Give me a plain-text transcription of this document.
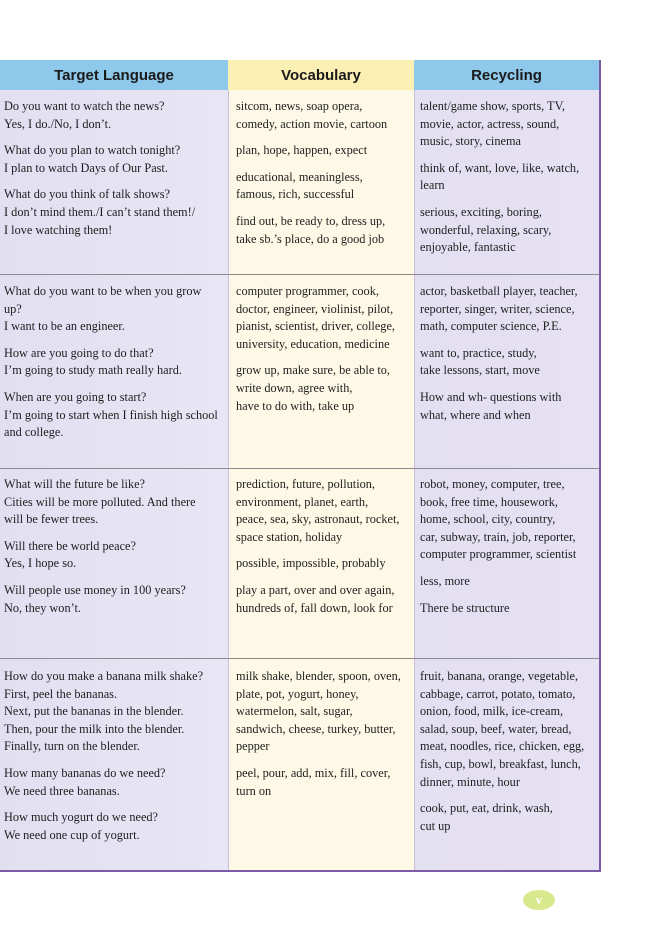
Target Language	Vocabulary	Recycling

Do you want to watch the news?
Yes, I do./No, I don’t.

What do you plan to watch tonight?
I plan to watch Days of Our Past.

What do you think of talk shows?
I don’t mind them./I can’t stand them!/
I love watching them!

sitcom, news, soap opera,
comedy, action movie, cartoon

plan, hope, happen, expect

educational, meaningless,
famous, rich, successful

find out, be ready to, dress up,
take sb.’s place, do a good job

talent/game show, sports, TV,
movie, actor, actress, sound,
music, story, cinema

think of, want, love, like, watch,
learn

serious, exciting, boring,
wonderful, relaxing, scary,
enjoyable, fantastic

What do you want to be when you grow
up?
I want to be an engineer.

How are you going to do that?
I’m going to study math really hard.

When are you going to start?
I’m going to start when I finish high school
and college.

computer programmer, cook,
doctor, engineer, violinist, pilot,
pianist, scientist, driver, college,
university, education, medicine

grow up, make sure, be able to,
write down, agree with,
have to do with, take up

actor, basketball player, teacher,
reporter, singer, writer, science,
math, computer science, P.E.

want to, practice, study,
take lessons, start, move

How and wh- questions with
what, where and when

What will the future be like?
Cities will be more polluted. And there
will be fewer trees.

Will there be world peace?
Yes, I hope so.

Will people use money in 100 years?
No, they won’t.

prediction, future, pollution,
environment, planet, earth,
peace, sea, sky, astronaut, rocket,
space station, holiday

possible, impossible, probably

play a part, over and over again,
hundreds of, fall down, look for

robot, money, computer, tree,
book, free time, housework,
home, school, city, country,
car, subway, train, job, reporter,
computer programmer, scientist

less, more

There be structure

How do you make a banana milk shake?
First, peel the bananas.
Next, put the bananas in the blender.
Then, pour the milk into the blender.
Finally, turn on the blender.

How many bananas do we need?
We need three bananas.

How much yogurt do we need?
We need one cup of yogurt.

milk shake, blender, spoon, oven,
plate, pot, yogurt, honey,
watermelon, salt, sugar,
sandwich, cheese, turkey, butter,
pepper

peel, pour, add, mix, fill, cover,
turn on

fruit, banana, orange, vegetable,
cabbage, carrot, potato, tomato,
onion, food, milk, ice-cream,
salad, soup, beef, water, bread,
meat, noodles, rice, chicken, egg,
fish, cup, bowl, breakfast, lunch,
dinner, minute, hour

cook, put, eat, drink, wash,
cut up

v
